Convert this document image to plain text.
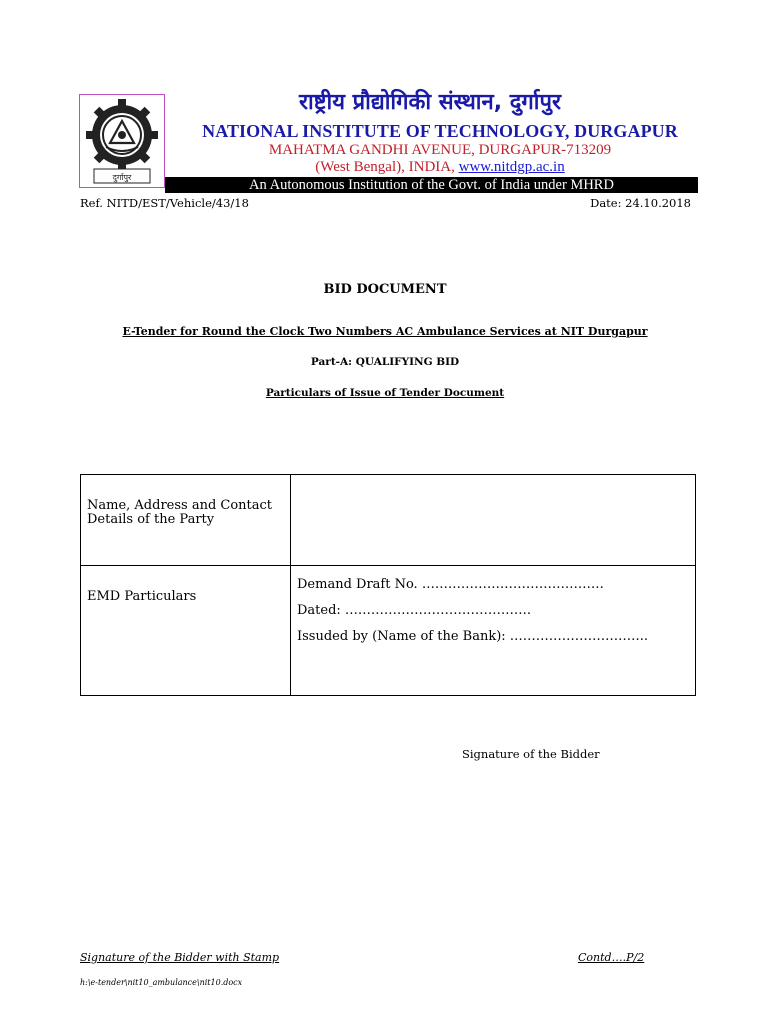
दुर्गापुर
राष्ट्रीय प्रौद्योगिकी संस्थान, दुर्गापुर
NATIONAL INSTITUTE OF TECHNOLOGY, DURGAPUR
MAHATMA GANDHI AVENUE, DURGAPUR-713209
(West Bengal), INDIA, www.nitdgp.ac.in
An Autonomous Institution of the Govt. of India under MHRD
Ref. NITD/EST/Vehicle/43/18	Date: 24.10.2018
BID DOCUMENT
E-Tender for Round the Clock Two Numbers AC Ambulance Services at NIT Durgapur
Part-A: QUALIFYING BID
Particulars of Issue of Tender Document
Name, Address and Contact Details of the Party
EMD Particulars
Demand Draft No. ……………………………………
Dated: …………………………………….
Issuded by (Name of the Bank): …………………………..
Signature of the Bidder
Signature of the Bidder with Stamp	Contd….P/2
h:\e-tender\nit10_ambulance\nit10.docx
